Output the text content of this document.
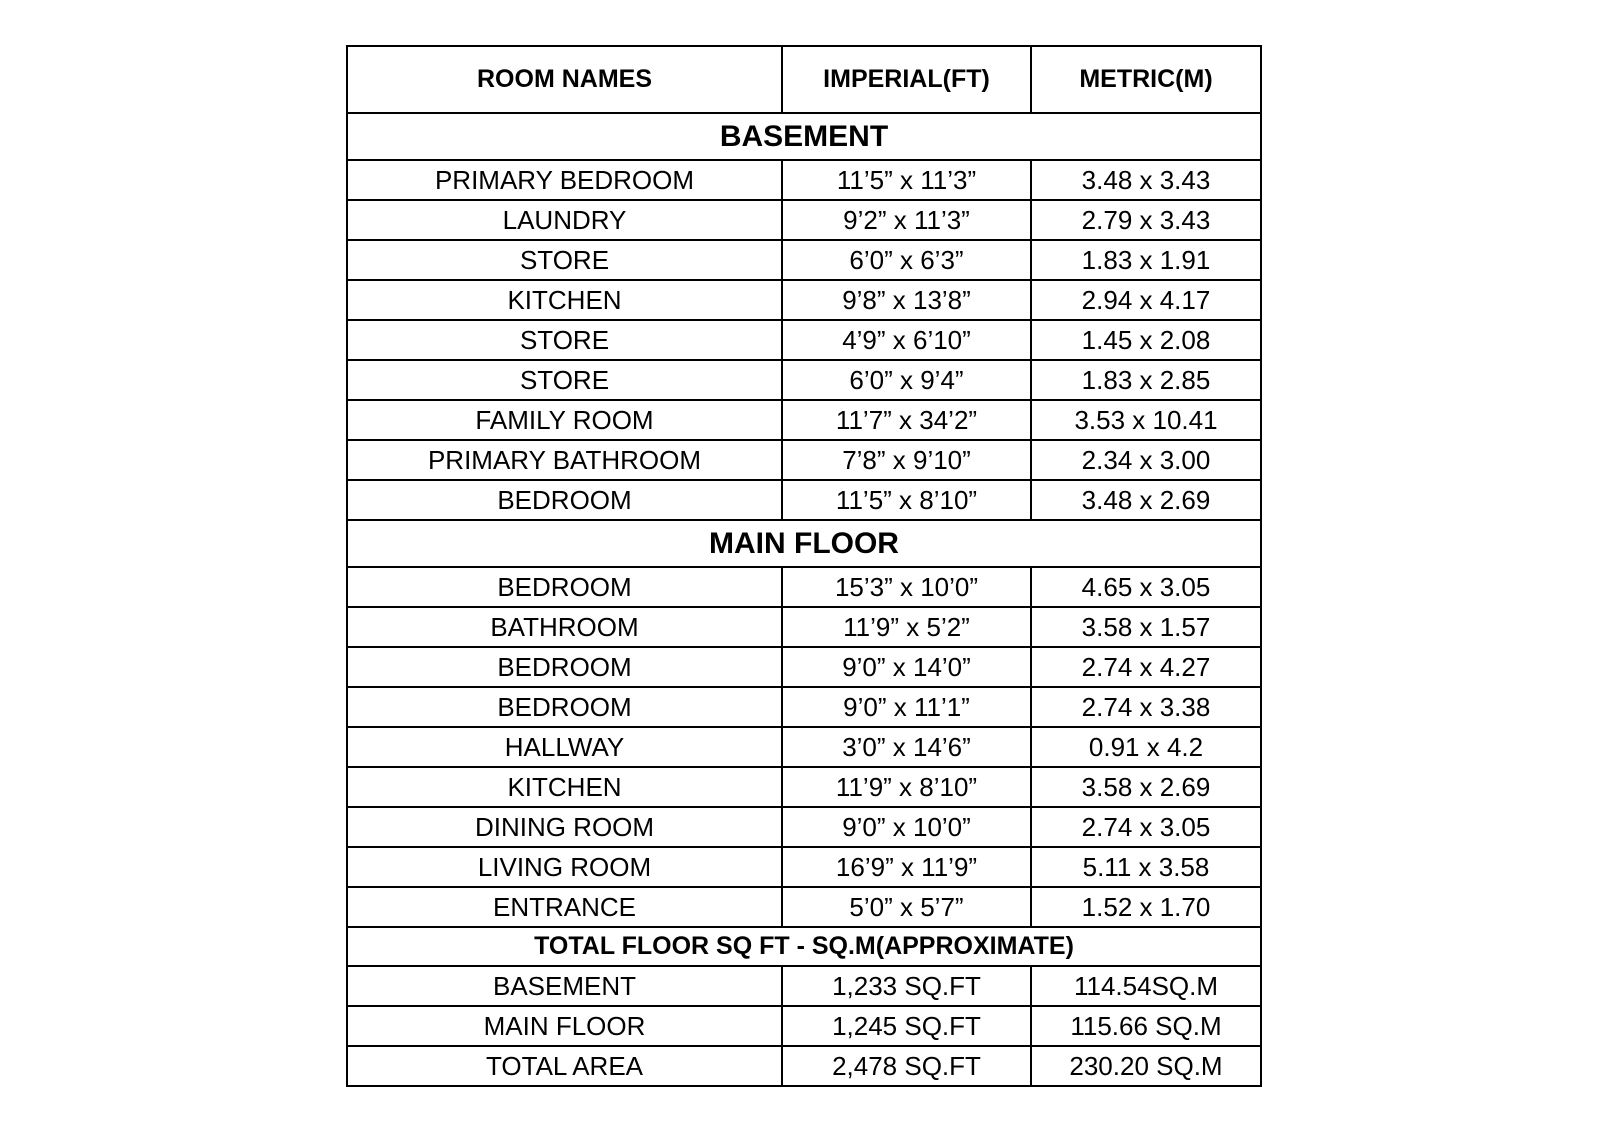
ROOM NAMES	IMPERIAL(FT)	METRIC(M)
BASEMENT		
PRIMARY BEDROOM	11’5” x 11’3”	3.48 x 3.43
LAUNDRY	9’2” x 11’3”	2.79 x 3.43
STORE	6’0” x 6’3”	1.83 x 1.91
KITCHEN	9’8” x 13’8”	2.94 x 4.17
STORE	4’9” x 6’10”	1.45 x 2.08
STORE	6’0” x 9’4”	1.83 x 2.85
FAMILY ROOM	11’7” x 34’2”	3.53 x 10.41
PRIMARY BATHROOM	7’8” x 9’10”	2.34 x 3.00
BEDROOM	11’5” x 8’10”	3.48 x 2.69
MAIN FLOOR		
BEDROOM	15’3” x 10’0”	4.65 x 3.05
BATHROOM	11’9” x 5’2”	3.58 x 1.57
BEDROOM	9’0” x 14’0”	2.74 x 4.27
BEDROOM	9’0” x 11’1”	2.74 x 3.38
HALLWAY	3’0” x 14’6”	0.91 x 4.2
KITCHEN	11’9” x 8’10”	3.58 x 2.69
DINING ROOM	9’0” x 10’0”	2.74 x 3.05
LIVING ROOM	16’9” x 11’9”	5.11 x 3.58
ENTRANCE	5’0” x 5’7”	1.52 x 1.70
TOTAL FLOOR SQ FT - SQ.M(APPROXIMATE)		
BASEMENT	1,233 SQ.FT	114.54SQ.M
MAIN FLOOR	1,245 SQ.FT	115.66 SQ.M
TOTAL AREA	2,478 SQ.FT	230.20 SQ.M
